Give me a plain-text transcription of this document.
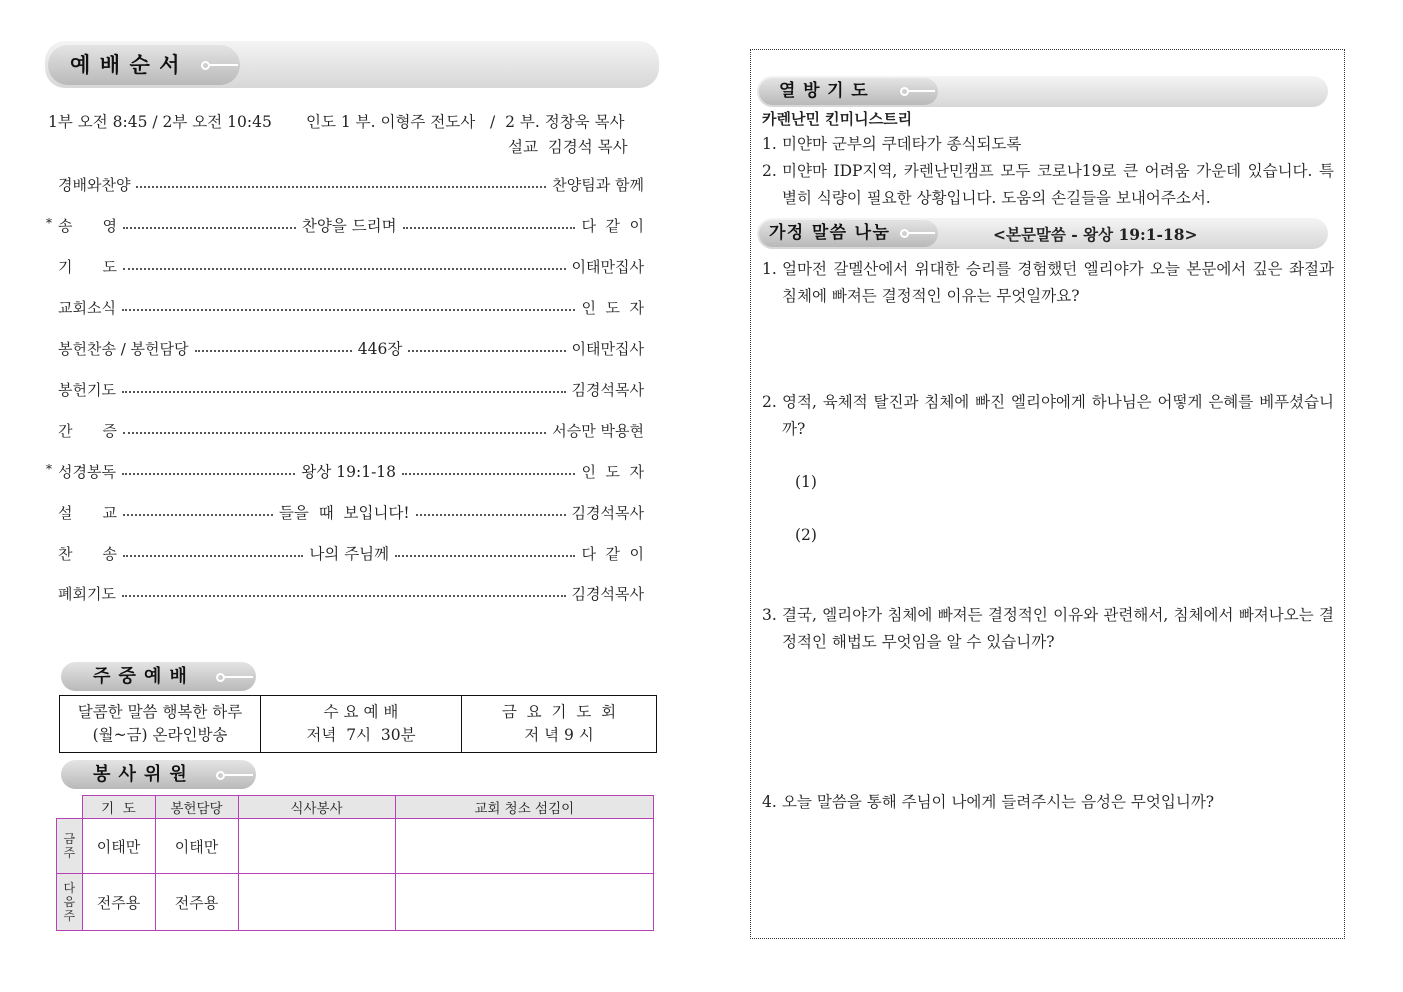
예배순서
1부 오전 8:45 / 2부 오전 10:45 인도 1 부. 이형주 전도사   /  2 부. 정창욱 목사
설교  김경석 목사
경배와찬양	찬양팀과 함께
* 송　　영	찬양을 드리며	다  같  이
기　　도	이태만집사
교회소식	인  도  자
봉헌찬송 / 봉헌담당	446장	이태만집사
봉헌기도	김경석목사
간　　증	서승만 박용현
* 성경봉독	왕상 19:1-18	인  도  자
설　　교	들을  때  보입니다!	김경석목사
찬　　송	나의 주님께	다  같  이
폐회기도	김경석목사
주중예배
달콤한 말씀 행복한 하루
(월~금) 온라인방송

수 요 예 배
저녁  7시  30분

금  요  기  도  회
저 녁 9 시
봉사위원
	기  도	봉헌담당	식사봉사	교회 청소 섬김이
금
주	이태만	이태만		
다
음
주	전주용	전주용		
열방기도
카렌난민 킨미니스트리
1. 미얀마 군부의 쿠데타가 종식되도록
2. 미얀마 IDP지역, 카렌난민캠프 모두 코로나19로 큰 어려움 가운데 있습니다. 특별히 식량이 필요한 상황입니다. 도움의 손길들을 보내어주소서.
가정 말씀 나눔	<본문말씀 - 왕상 19:1-18>
1. 얼마전 갈멜산에서 위대한 승리를 경험했던 엘리야가 오늘 본문에서 깊은 좌절과 침체에 빠져든 결정적인 이유는 무엇일까요?
2. 영적, 육체적 탈진과 침체에 빠진 엘리야에게 하나님은 어떻게 은혜를 베푸셨습니까?
(1)
(2)
3. 결국, 엘리야가 침체에 빠져든 결정적인 이유와 관련해서, 침체에서 빠져나오는 결정적인 해법도 무엇임을 알 수 있습니까?
4. 오늘 말씀을 통해 주님이 나에게 들려주시는 음성은 무엇입니까?
